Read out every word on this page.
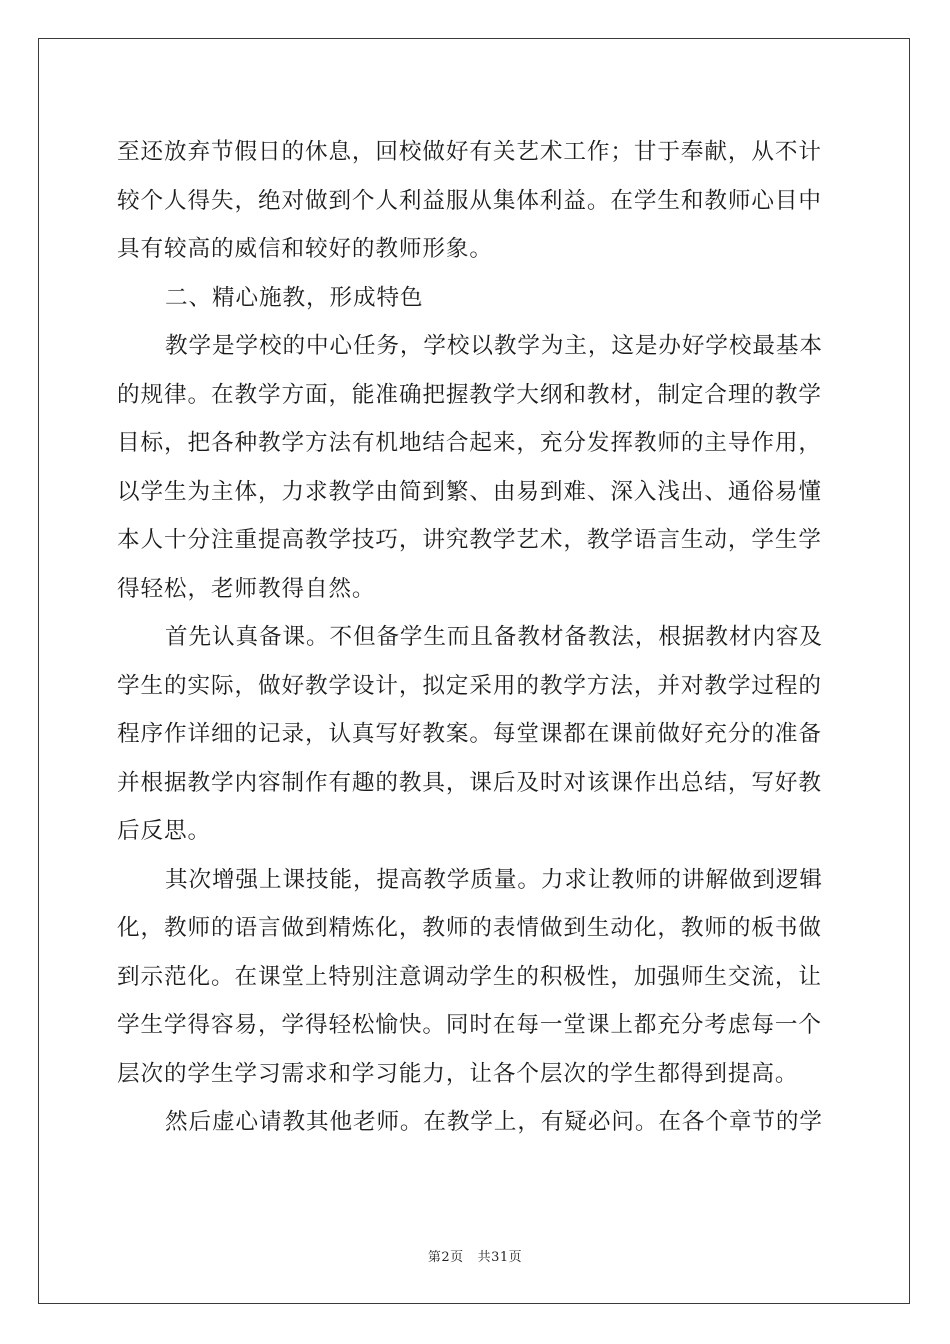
至还放弃节假日的休息，回校做好有关艺术工作；甘于奉献，从不计
较个人得失，绝对做到个人利益服从集体利益。在学生和教师心目中
具有较高的威信和较好的教师形象。
二、精心施教，形成特色
教学是学校的中心任务，学校以教学为主，这是办好学校最基本
的规律。在教学方面，能准确把握教学大纲和教材，制定合理的教学
目标，把各种教学方法有机地结合起来，充分发挥教师的主导作用，
以学生为主体，力求教学由简到繁、由易到难、深入浅出、通俗易懂
本人十分注重提高教学技巧，讲究教学艺术，教学语言生动，学生学
得轻松，老师教得自然。
首先认真备课。不但备学生而且备教材备教法，根据教材内容及
学生的实际，做好教学设计，拟定采用的教学方法，并对教学过程的
程序作详细的记录，认真写好教案。每堂课都在课前做好充分的准备
并根据教学内容制作有趣的教具，课后及时对该课作出总结，写好教
后反思。
其次增强上课技能，提高教学质量。力求让教师的讲解做到逻辑
化，教师的语言做到精炼化，教师的表情做到生动化，教师的板书做
到示范化。在课堂上特别注意调动学生的积极性，加强师生交流，让
学生学得容易，学得轻松愉快。同时在每一堂课上都充分考虑每一个
层次的学生学习需求和学习能力，让各个层次的学生都得到提高。
然后虚心请教其他老师。在教学上，有疑必问。在各个章节的学
第2页 共31页
